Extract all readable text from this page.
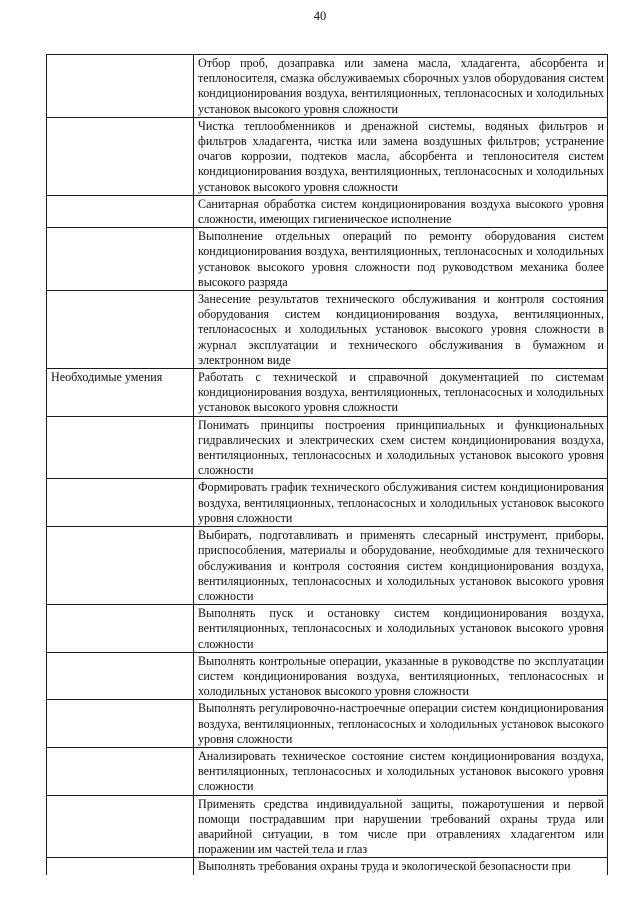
40

	Отбор проб, дозаправка или замена масла, хладагента, абсорбента и теплоносителя, смазка обслуживаемых сборочных узлов оборудования систем кондиционирования воздуха, вентиляционных, теплонасосных и холодильных установок высокого уровня сложности

	Чистка теплообменников и дренажной системы, водяных фильтров и фильтров хладагента, чистка или замена воздушных фильтров; устранение очагов коррозии, подтеков масла, абсорбента и теплоносителя систем кондиционирования воздуха, вентиляционных, теплонасосных и холодильных установок высокого уровня сложности

	Санитарная обработка систем кондиционирования воздуха высокого уровня сложности, имеющих гигиеническое исполнение

	Выполнение отдельных операций по ремонту оборудования систем кондиционирования воздуха, вентиляционных, теплонасосных и холодильных установок высокого уровня сложности под руководством механика более высокого разряда

	Занесение результатов технического обслуживания и контроля состояния оборудования систем кондиционирования воздуха, вентиляционных, теплонасосных и холодильных установок высокого уровня сложности в журнал эксплуатации и технического обслуживания в бумажном и электронном виде

Необходимые умения	Работать с технической и справочной документацией по системам кондиционирования воздуха, вентиляционных, теплонасосных и холодильных установок высокого уровня сложности

	Понимать принципы построения принципиальных и функциональных гидравлических и электрических схем систем кондиционирования воздуха, вентиляционных, теплонасосных и холодильных установок высокого уровня сложности

	Формировать график технического обслуживания систем кондиционирования воздуха, вентиляционных, теплонасосных и холодильных установок высокого уровня сложности

	Выбирать, подготавливать и применять слесарный инструмент, приборы, приспособления, материалы и оборудование, необходимые для технического обслуживания и контроля состояния систем кондиционирования воздуха, вентиляционных, теплонасосных и холодильных установок высокого уровня сложности

	Выполнять пуск и остановку систем кондиционирования воздуха, вентиляционных, теплонасосных и холодильных установок высокого уровня сложности

	Выполнять контрольные операции, указанные в руководстве по эксплуатации систем кондиционирования воздуха, вентиляционных, теплонасосных и холодильных установок высокого уровня сложности

	Выполнять регулировочно-настроечные операции систем кондиционирования воздуха, вентиляционных, теплонасосных и холодильных установок высокого уровня сложности

	Анализировать техническое состояние систем кондиционирования воздуха, вентиляционных, теплонасосных и холодильных установок высокого уровня сложности

	Применять средства индивидуальной защиты, пожаротушения и первой помощи пострадавшим при нарушении требований охраны труда или аварийной ситуации, в том числе при отравлениях хладагентом или поражении им частей тела и глаз

	Выполнять требования охраны труда и экологической безопасности при
